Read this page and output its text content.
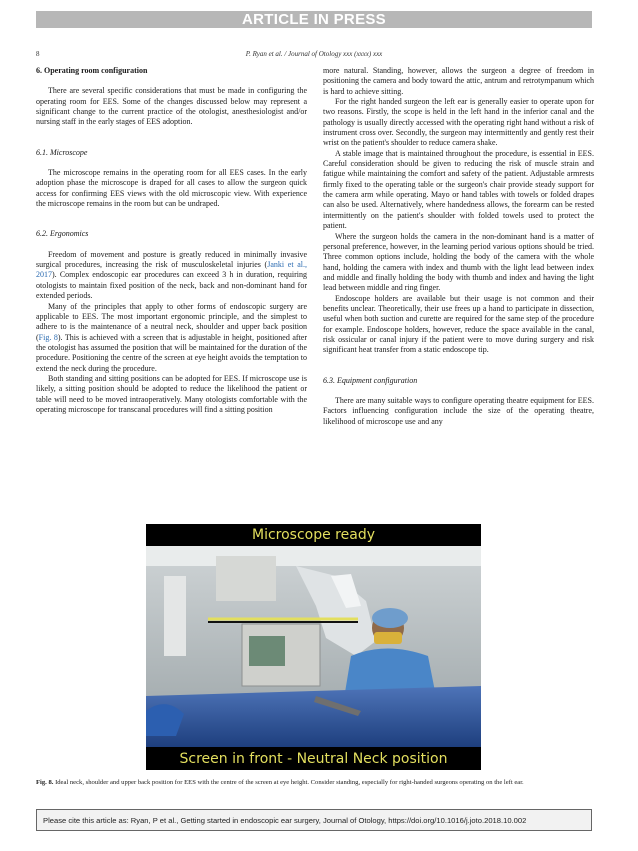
ARTICLE IN PRESS
8	P. Ryan et al. / Journal of Otology xxx (xxxx) xxx
6. Operating room configuration

There are several specific considerations that must be made in configuring the operating room for EES. Some of the changes discussed below may represent a significant change to the current practice of the otologist, anesthesiologist and/or nursing staff in the early stages of EES adoption.

6.1. Microscope

The microscope remains in the operating room for all EES cases. In the early adoption phase the microscope is draped for all cases to allow the surgeon quick access for confirming EES views with the old microscopic view. With experience the microscope remains in the room but can be undraped.

6.2. Ergonomics

Freedom of movement and posture is greatly reduced in minimally invasive surgical procedures, increasing the risk of musculoskeletal injuries (Janki et al., 2017). Complex endoscopic ear procedures can exceed 3 h in duration, requiring otologists to maintain fixed position of the neck, back and non-dominant hand for extended periods.

Many of the principles that apply to other forms of endoscopic surgery are applicable to EES. The most important ergonomic principle, and the simplest to adhere to is the maintenance of a neutral neck, shoulder and upper back position (Fig. 8). This is achieved with a screen that is adjustable in height, positioned after the otologist has assumed the position that will be maintained for the duration of the procedure. Positioning the centre of the screen at eye height avoids the temptation to extend the neck during the procedure.

Both standing and sitting positions can be adopted for EES. If microscope use is likely, a sitting position should be adopted to reduce the likelihood the patient or table will need to be moved intraoperatively. Many otologists comfortable with the operating microscope for transcanal procedures will find a sitting position

more natural. Standing, however, allows the surgeon a degree of freedom in positioning the camera and body toward the attic, antrum and retrotympanum which is hard to achieve sitting.

For the right handed surgeon the left ear is generally easier to operate upon for two reasons. Firstly, the scope is held in the left hand in the inferior canal and the pathology is usually directly accessed with the operating right hand without a risk of instrument cross over. Secondly, the surgeon may intermittently and gently rest their wrist on the patient's shoulder to reduce camera shake.

A stable image that is maintained throughout the procedure, is essential in EES. Careful consideration should be given to reducing the risk of muscle strain and fatigue while maintaining the comfort and safety of the patient. Adjustable armrests firmly fixed to the operating table or the surgeon's chair provide steady support for the camera arm while operating. Mayo or hand tables with towels or folded drapes can also be used. Alternatively, where handedness allows, the forearm can be rested intermittently on the patient's shoulder with folded towels used to protect the patient.

Where the surgeon holds the camera in the non-dominant hand is a matter of personal preference, however, in the learning period various options should be tried. Three common options include, holding the body of the camera with the whole hand, holding the camera with index and thumb with the light lead between index and middle and finally holding the body with thumb and index and having the light lead between middle and ring finger.

Endoscope holders are available but their usage is not common and their benefits unclear. Theoretically, their use frees up a hand to participate in dissection, useful when both suction and curette are required for the same step of the procedure for example. Endoscope holders, however, reduce the space available in the canal, risk ossicular or canal injury if the patient were to move during surgery and risk significant heat transfer from a static endoscope tip.

6.3. Equipment configuration

There are many suitable ways to configure operating theatre equipment for EES. Factors influencing configuration include the size of the operating theatre, likelihood of microscope use and any

Microscope ready
Screen in front - Neutral Neck position
Fig. 8. Ideal neck, shoulder and upper back position for EES with the centre of the screen at eye height. Consider standing, especially for right-handed surgeons operating on the left ear.
Please cite this article as: Ryan, P et al., Getting started in endoscopic ear surgery, Journal of Otology, https://doi.org/10.1016/j.joto.2018.10.002
